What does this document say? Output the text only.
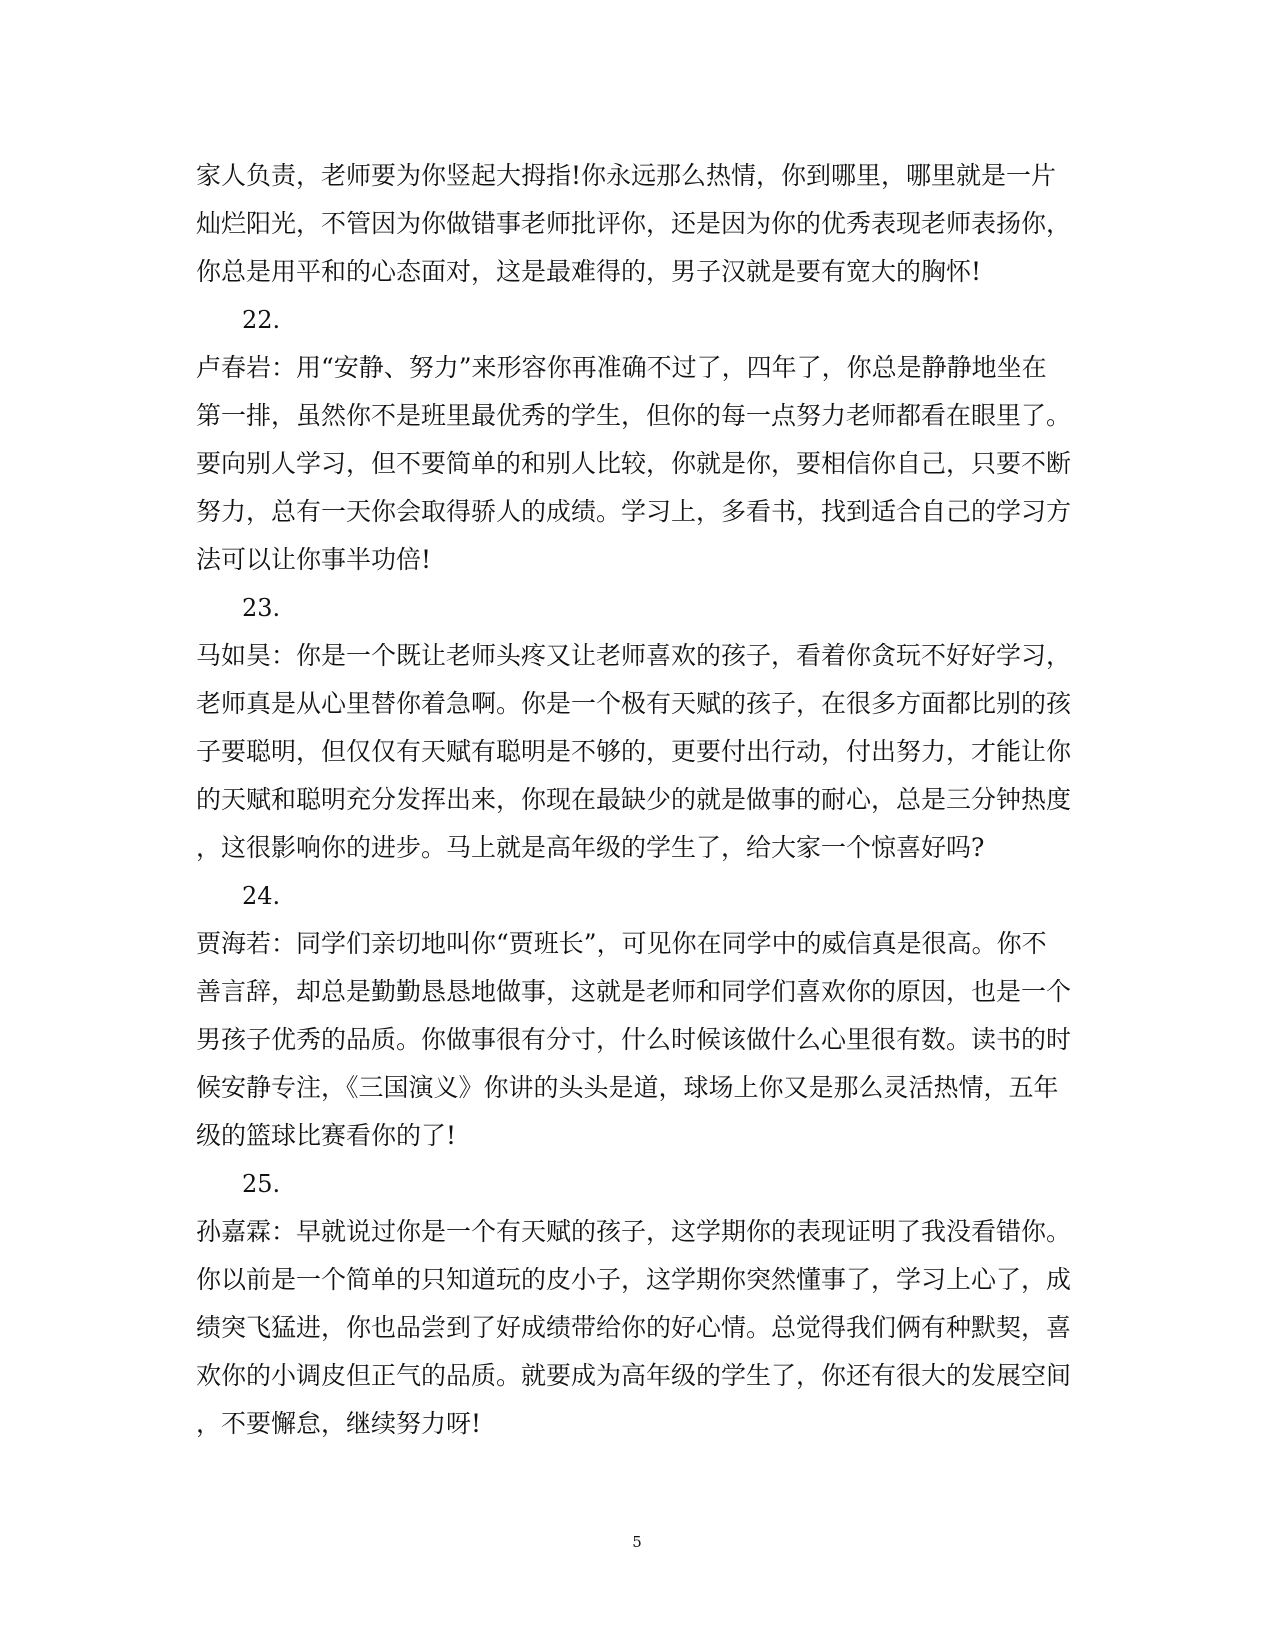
家人负责，老师要为你竖起大拇指!你永远那么热情，你到哪里，哪里就是一片
灿烂阳光，不管因为你做错事老师批评你，还是因为你的优秀表现老师表扬你，
你总是用平和的心态面对，这是最难得的，男子汉就是要有宽大的胸怀!
22.
卢春岩：用“安静、努力”来形容你再准确不过了，四年了，你总是静静地坐在
第一排，虽然你不是班里最优秀的学生，但你的每一点努力老师都看在眼里了。
要向别人学习，但不要简单的和别人比较，你就是你，要相信你自己，只要不断
努力，总有一天你会取得骄人的成绩。学习上，多看书，找到适合自己的学习方
法可以让你事半功倍!
23.
马如昊：你是一个既让老师头疼又让老师喜欢的孩子，看着你贪玩不好好学习，
老师真是从心里替你着急啊。你是一个极有天赋的孩子，在很多方面都比别的孩
子要聪明，但仅仅有天赋有聪明是不够的，更要付出行动，付出努力，才能让你
的天赋和聪明充分发挥出来，你现在最缺少的就是做事的耐心，总是三分钟热度
，这很影响你的进步。马上就是高年级的学生了，给大家一个惊喜好吗?
24.
贾海若：同学们亲切地叫你“贾班长”，可见你在同学中的威信真是很高。你不
善言辞，却总是勤勤恳恳地做事，这就是老师和同学们喜欢你的原因，也是一个
男孩子优秀的品质。你做事很有分寸，什么时候该做什么心里很有数。读书的时
候安静专注，《三国演义》你讲的头头是道，球场上你又是那么灵活热情，五年
级的篮球比赛看你的了!
25.
孙嘉霖：早就说过你是一个有天赋的孩子，这学期你的表现证明了我没看错你。
你以前是一个简单的只知道玩的皮小子，这学期你突然懂事了，学习上心了，成
绩突飞猛进，你也品尝到了好成绩带给你的好心情。总觉得我们俩有种默契，喜
欢你的小调皮但正气的品质。就要成为高年级的学生了，你还有很大的发展空间
，不要懈怠，继续努力呀!
5
